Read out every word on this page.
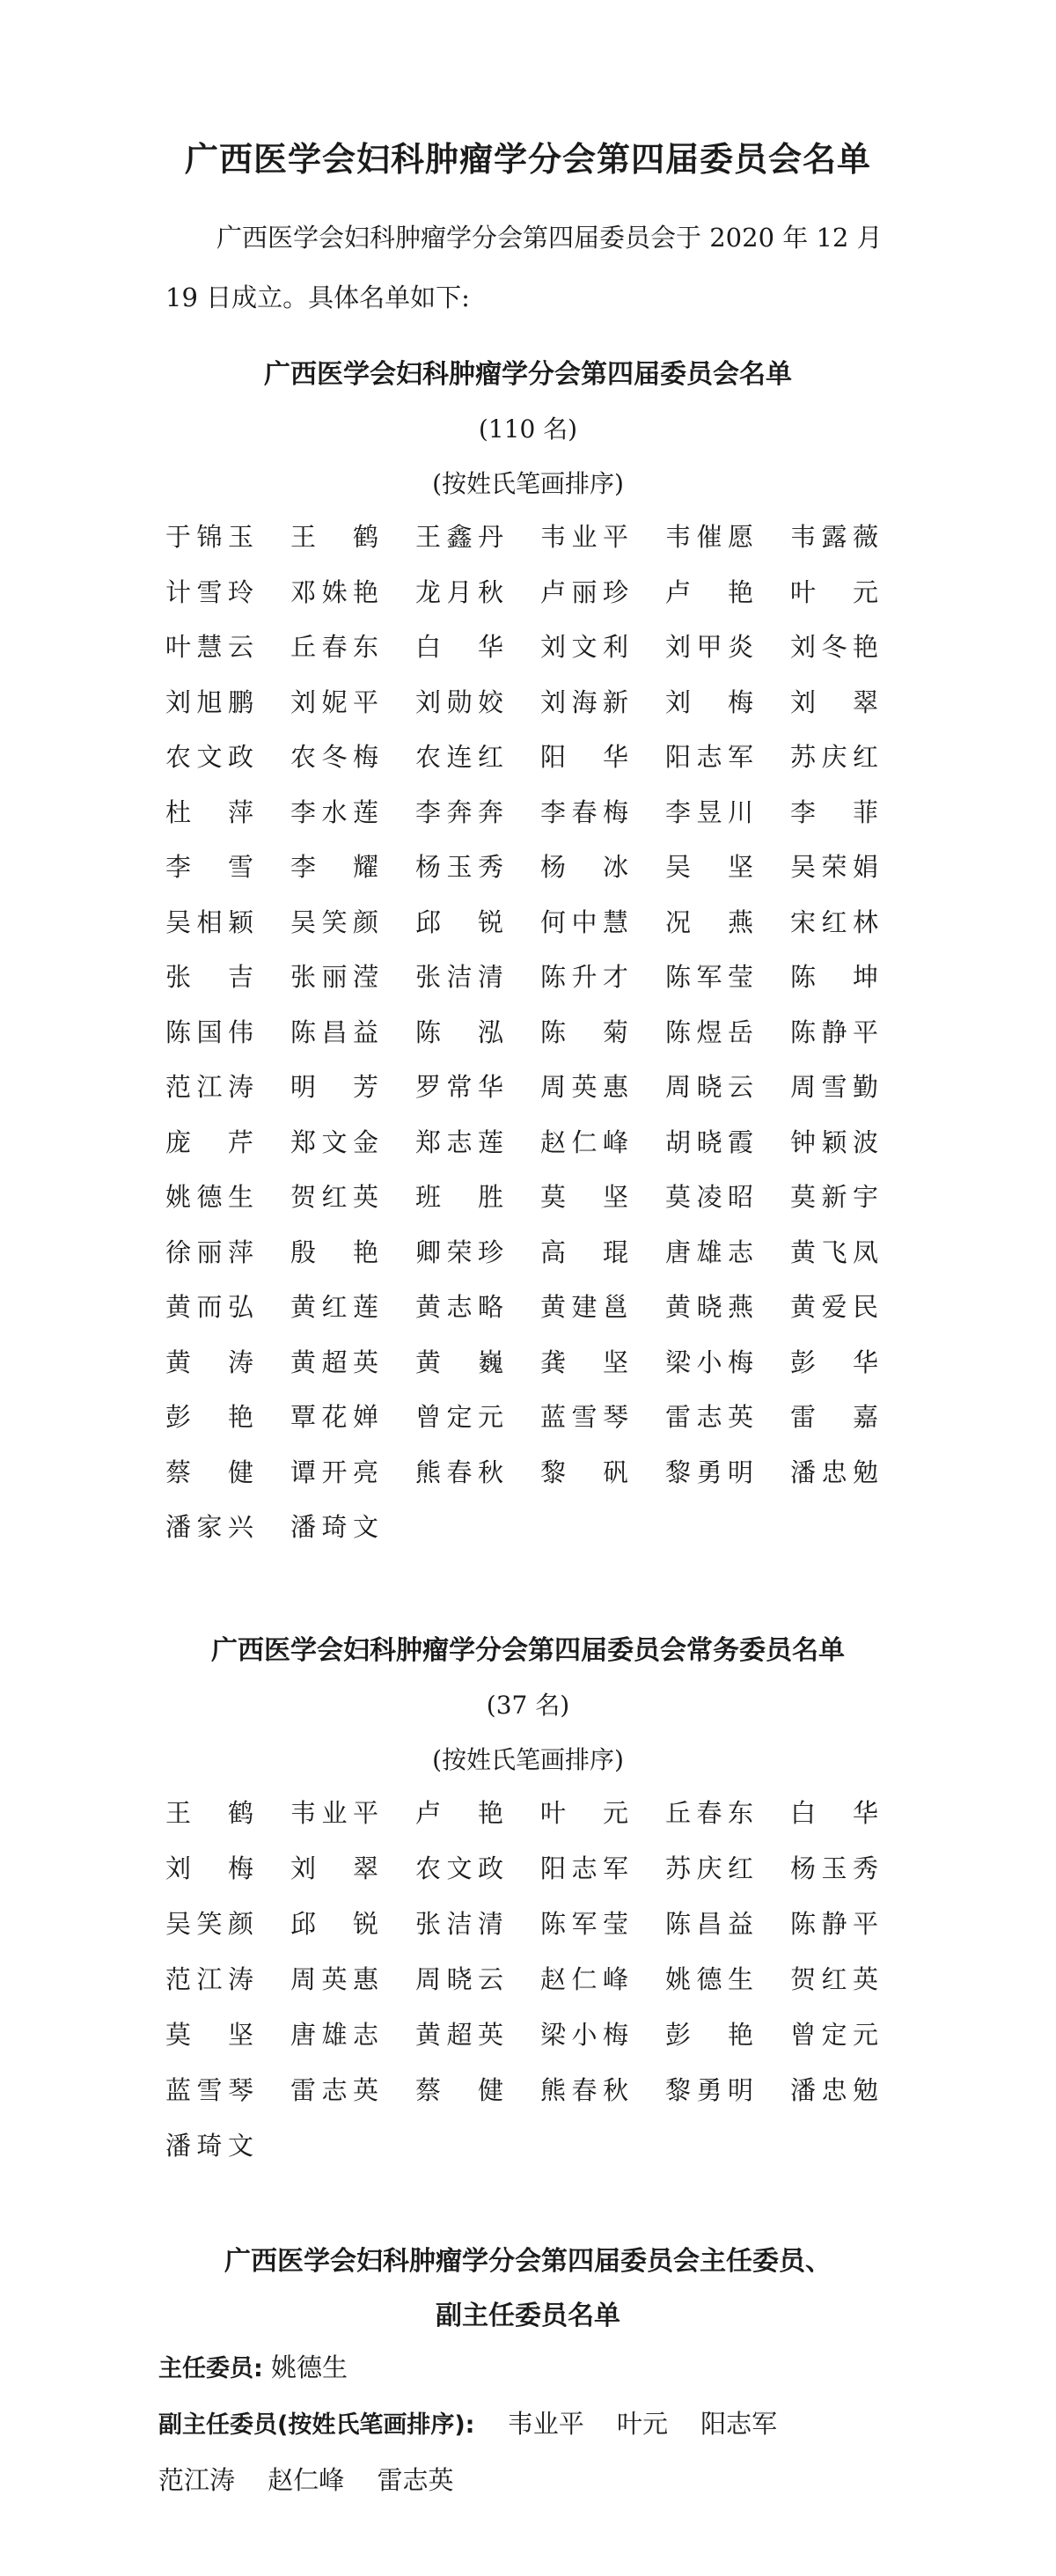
广西医学会妇科肿瘤学分会第四届委员会名单

广西医学会妇科肿瘤学分会第四届委员会于 2020 年 12 月

19 日成立。具体名单如下:
广西医学会妇科肿瘤学分会第四届委员会名单
(110 名)
(按姓氏笔画排序)
于锦玉 王鹤 王鑫丹 韦业平 韦催愿 韦露薇
计雪玲 邓姝艳 龙月秋 卢丽珍 卢艳 叶元
叶慧云 丘春东 白华 刘文利 刘甲炎 刘冬艳
刘旭鹏 刘妮平 刘勋姣 刘海新 刘梅 刘翠
农文政 农冬梅 农连红 阳华 阳志军 苏庆红
杜萍 李水莲 李奔奔 李春梅 李昱川 李菲
李雪 李耀 杨玉秀 杨冰 吴坚 吴荣娟
吴相颖 吴笑颜 邱锐 何中慧 况燕 宋红林
张吉 张丽滢 张洁清 陈升才 陈军莹 陈坤
陈国伟 陈昌益 陈泓 陈菊 陈煜岳 陈静平
范江涛 明芳 罗常华 周英惠 周晓云 周雪勤
庞芹 郑文金 郑志莲 赵仁峰 胡晓霞 钟颖波
姚德生 贺红英 班胜 莫坚 莫凌昭 莫新宇
徐丽萍 殷艳 卿荣珍 高琨 唐雄志 黄飞凤
黄而弘 黄红莲 黄志略 黄建邕 黄晓燕 黄爱民
黄涛 黄超英 黄巍 龚坚 梁小梅 彭华
彭艳 覃花婵 曾定元 蓝雪琴 雷志英 雷嘉
蔡健 谭开亮 熊春秋 黎矾 黎勇明 潘忠勉
潘家兴 潘琦文
广西医学会妇科肿瘤学分会第四届委员会常务委员名单
(37 名)
(按姓氏笔画排序)
王鹤 韦业平 卢艳 叶元 丘春东 白华
刘梅 刘翠 农文政 阳志军 苏庆红 杨玉秀
吴笑颜 邱锐 张洁清 陈军莹 陈昌益 陈静平
范江涛 周英惠 周晓云 赵仁峰 姚德生 贺红英
莫坚 唐雄志 黄超英 梁小梅 彭艳 曾定元
蓝雪琴 雷志英 蔡健 熊春秋 黎勇明 潘忠勉
潘琦文
广西医学会妇科肿瘤学分会第四届委员会主任委员、
副主任委员名单
主任委员: 姚德生
副主任委员(按姓氏笔画排序): 韦业平 叶元 阳志军
范江涛 赵仁峰 雷志英
